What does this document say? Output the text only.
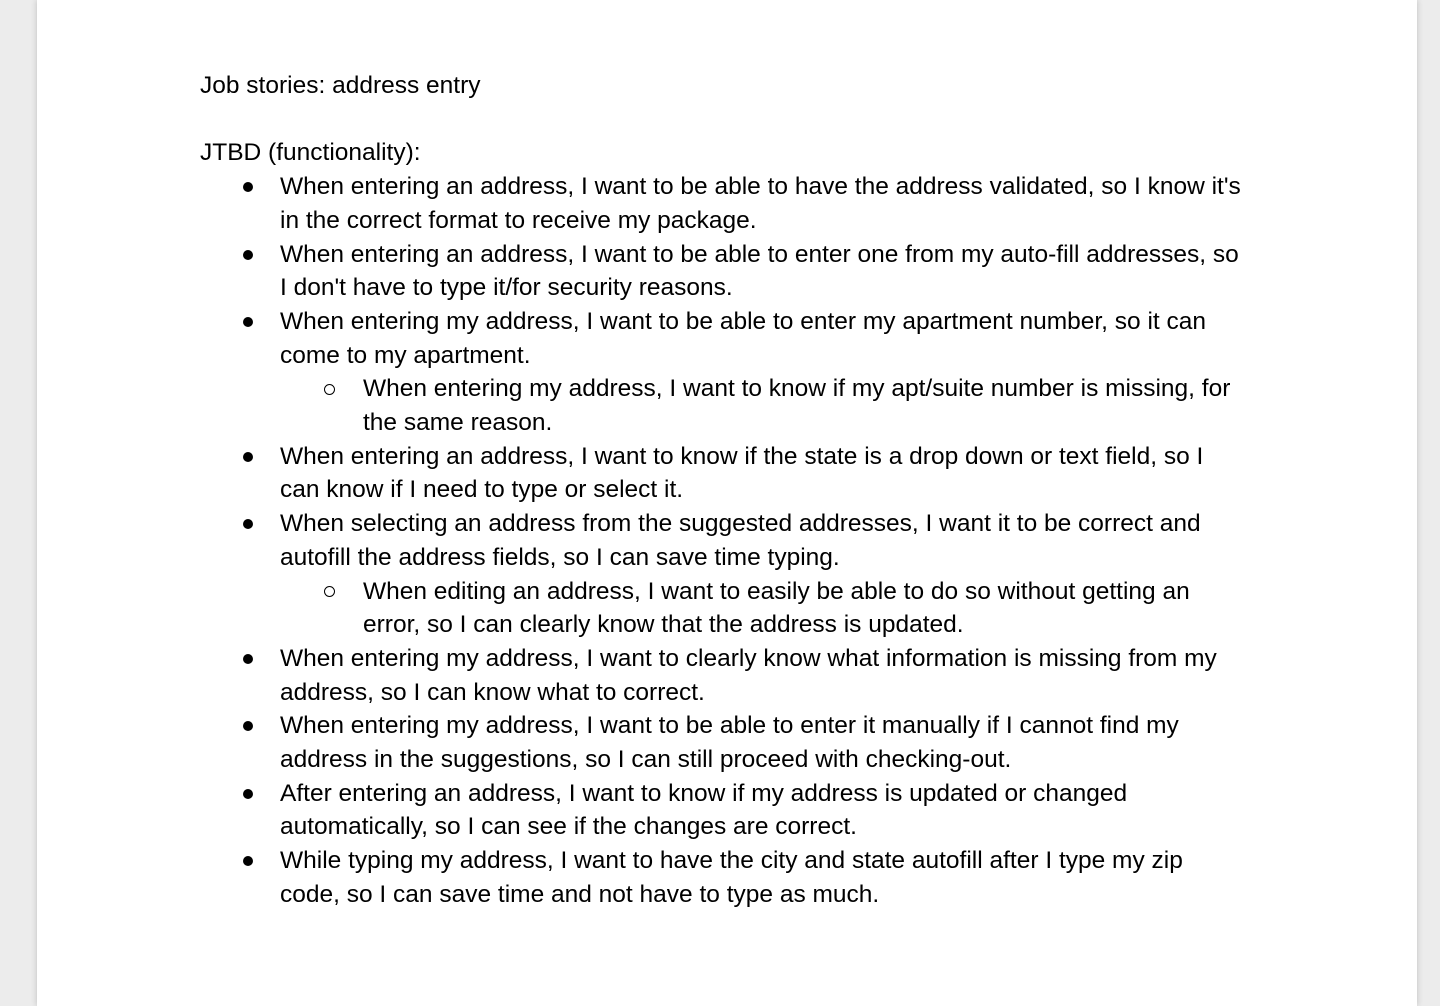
Job stories: address entry

JTBD (functionality):

When entering an address, I want to be able to have the address validated, so I know it's
in the correct format to receive my package.
When entering an address, I want to be able to enter one from my auto-fill addresses, so
I don't have to type it/for security reasons.
When entering my address, I want to be able to enter my apartment number, so it can
come to my apartment.
When entering my address, I want to know if my apt/suite number is missing, for
the same reason.
When entering an address, I want to know if the state is a drop down or text field, so I
can know if I need to type or select it.
When selecting an address from the suggested addresses, I want it to be correct and
autofill the address fields, so I can save time typing.
When editing an address, I want to easily be able to do so without getting an
error, so I can clearly know that the address is updated.
When entering my address, I want to clearly know what information is missing from my
address, so I can know what to correct.
When entering my address, I want to be able to enter it manually if I cannot find my
address in the suggestions, so I can still proceed with checking-out.
After entering an address, I want to know if my address is updated or changed
automatically, so I can see if the changes are correct.
While typing my address, I want to have the city and state autofill after I type my zip
code, so I can save time and not have to type as much.
